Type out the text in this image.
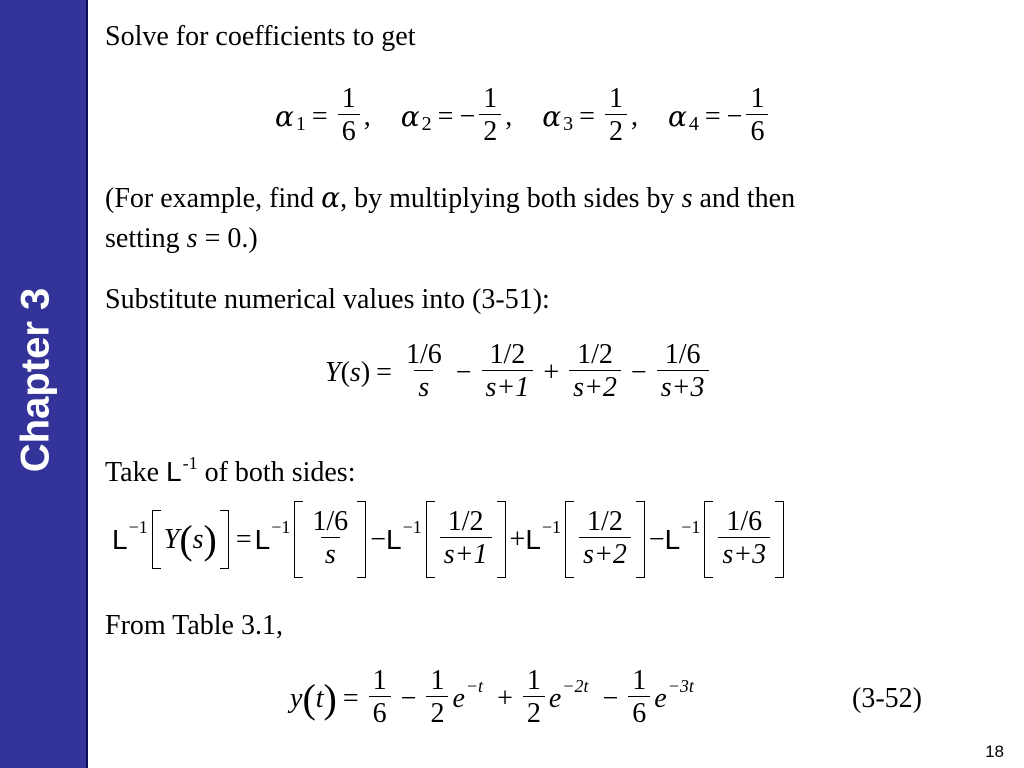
Chapter 3
Solve for coefficients to get
α $1 = \frac{1}{6}$ , α 2 = − $\frac{1}{2}$ , α $3 = \frac{1}{2}$ , α 4 = − $\frac{1}{6}$
(For example, find α, by multiplying both sides by s and then
setting s = 0.)
Substitute numerical values into (3-51):
Y ( s ) = $\frac{1/6}{s} - \frac{1/2}{s+1} + \frac{1/2}{s+2} - \frac{1/6}{s+3}$
Take $L^{-1}$ of both sides:
L −1 Y ( s ) = $L -1 \frac{1/6}{s} - L -1 \frac{1/2}{s+1} + L -1 \frac{1/2}{s+2} - L -1 \frac{1/6}{s+3}$
From Table 3.1,
y ( t ) = $\frac{1}{6} - \frac{1}{2}$ $e -t + \frac{1}{2}$ $e -2t - \frac{1}{6}$ e −3t	(3-52)
18
